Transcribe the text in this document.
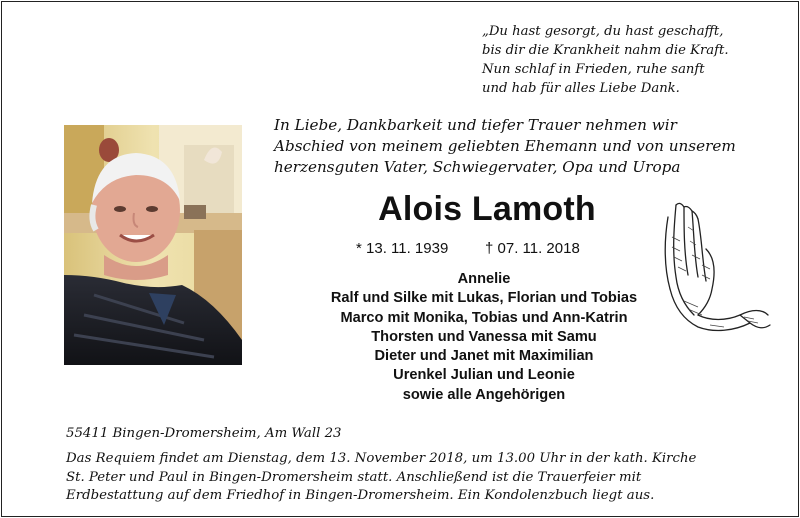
„Du hast gesorgt, du hast geschafft,
bis dir die Krankheit nahm die Kraft.
Nun schlaf in Frieden, ruhe sanft
und hab für alles Liebe Dank.
In Liebe, Dankbarkeit und tiefer Trauer nehmen wir
Abschied von meinem geliebten Ehemann und von unserem
herzensguten Vater, Schwiegervater, Opa und Uropa
Alois Lamoth
* 13. 11. 1939 † 07. 11. 2018
Annelie
Ralf und Silke mit Lukas, Florian und Tobias
Marco mit Monika, Tobias und Ann-Katrin
Thorsten und Vanessa mit Samu
Dieter und Janet mit Maximilian
Urenkel Julian und Leonie
sowie alle Angehörigen
55411 Bingen-Dromersheim, Am Wall 23
Das Requiem findet am Dienstag, dem 13. November 2018, um 13.00 Uhr in der kath. Kirche
St. Peter und Paul in Bingen-Dromersheim statt. Anschließend ist die Trauerfeier mit
Erdbestattung auf dem Friedhof in Bingen-Dromersheim. Ein Kondolenzbuch liegt aus.
